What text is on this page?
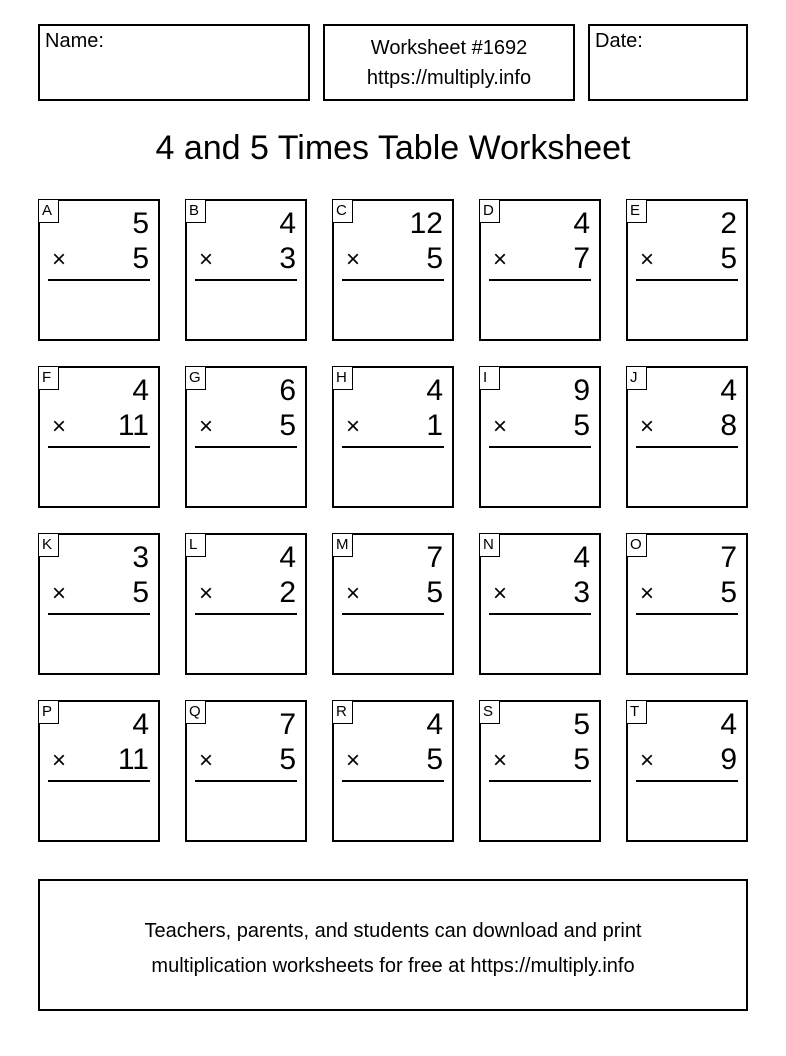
Name:	Worksheet #1692
https://multiply.info
Date:
4 and 5 Times Table Worksheet
A	5
× 5
B	4
× 3
C 12
× 5
D	4
× 7
E	2
× 5
F	4
× 11
G	6
× 5
H	4
× 1
I	9
× 5
J	4
× 8
K	3
× 5
L	4
× 2
M	7
× 5
N	4
× 3
O	7
× 5
P	4
× 11
Q	7
× 5
R	4
× 5
S	5
× 5
T	4
× 9
Teachers, parents, and students can download and print
multiplication worksheets for free at https://multiply.info
